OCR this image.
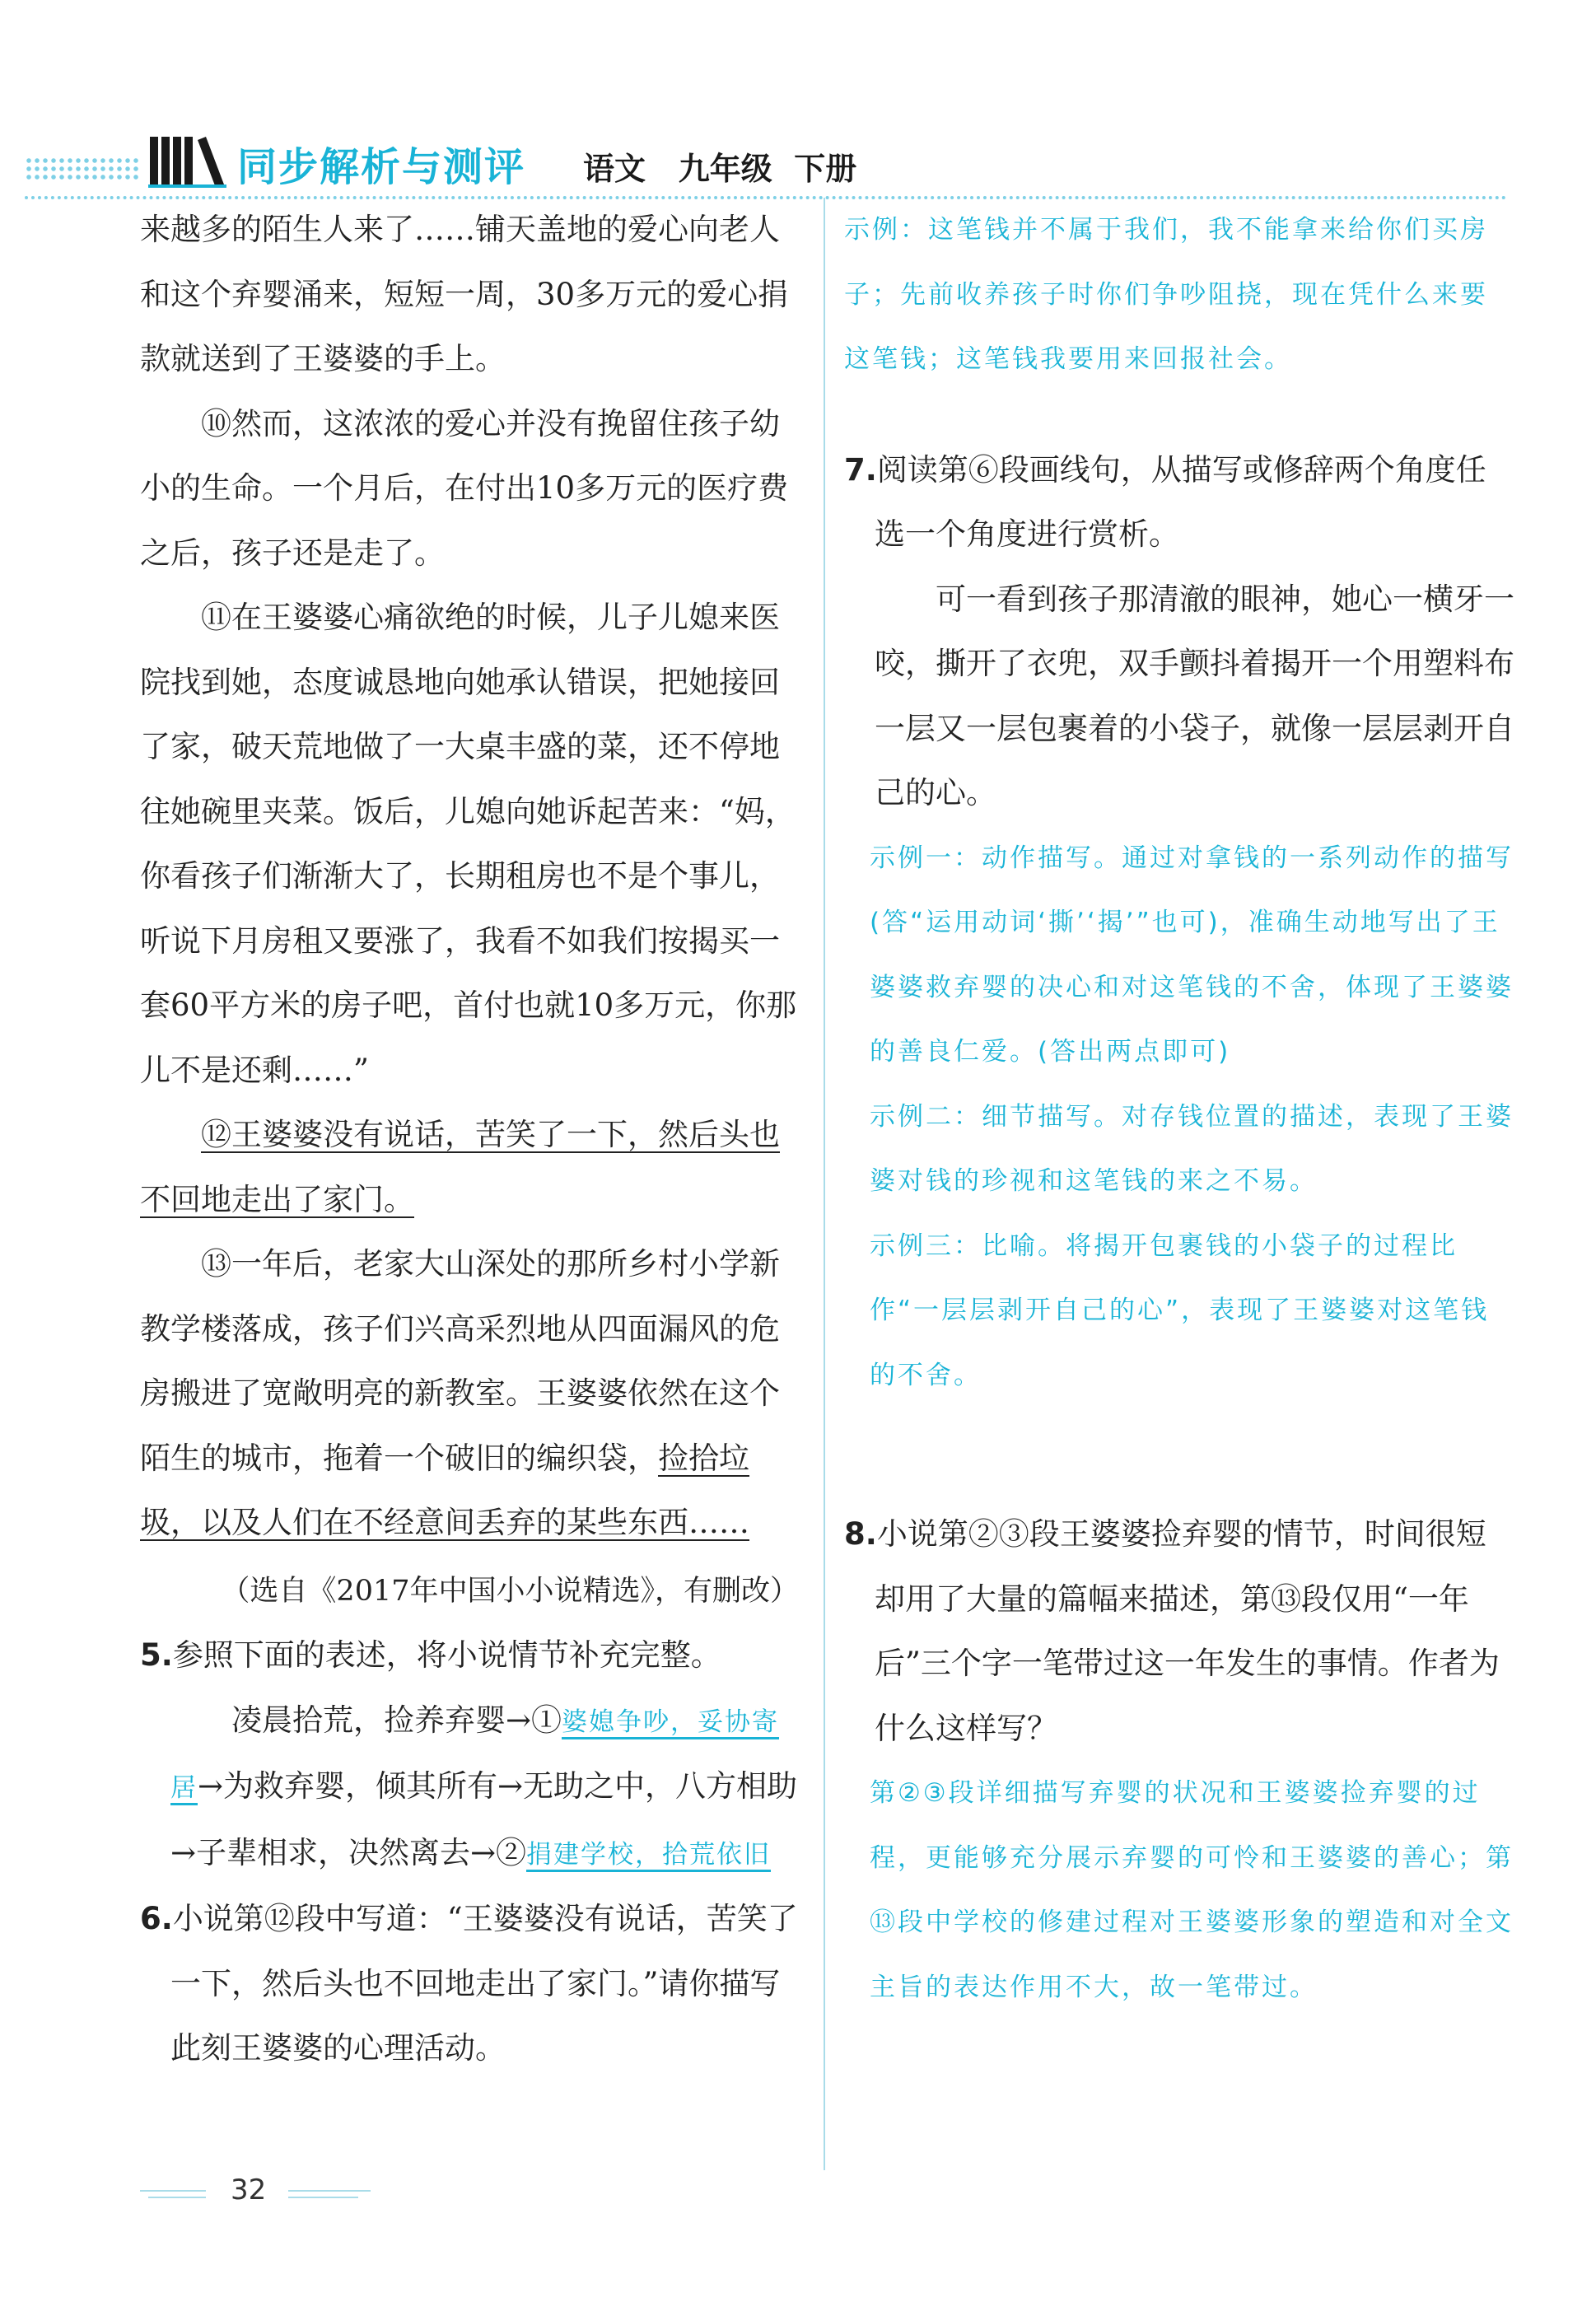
同步解析与测评 语文 九年级 下册

来越多的陌生人来了……铺天盖地的爱心向老人和这个弃婴涌来，短短一周，30多万元的爱心捐款就送到了王婆婆的手上。

⑩然而，这浓浓的爱心并没有挽留住孩子幼小的生命。一个月后，在付出10多万元的医疗费之后，孩子还是走了。

⑪在王婆婆心痛欲绝的时候，儿子儿媳来医院找到她，态度诚恳地向她承认错误，把她接回了家，破天荒地做了一大桌丰盛的菜，还不停地往她碗里夹菜。饭后，儿媳向她诉起苦来：“妈，你看孩子们渐渐大了，长期租房也不是个事儿，听说下月房租又要涨了，我看不如我们按揭买一套60平方米的房子吧，首付也就10多万元，你那儿不是还剩……”

⑫王婆婆没有说话，苦笑了一下，然后头也不回地走出了家门。

⑬一年后，老家大山深处的那所乡村小学新教学楼落成，孩子们兴高采烈地从四面漏风的危房搬进了宽敞明亮的新教室。王婆婆依然在这个陌生的城市，拖着一个破旧的编织袋，捡拾垃圾，以及人们在不经意间丢弃的某些东西……

（选自《2017年中国小小说精选》，有删改）

5.参照下面的表述，将小说情节补充完整。

凌晨拾荒，捡养弃婴→①婆媳争吵，妥协寄居→为救弃婴，倾其所有→无助之中，八方相助→子辈相求，决然离去→②捐建学校，拾荒依旧

6.小说第⑫段中写道：“王婆婆没有说话，苦笑了一下，然后头也不回地走出了家门。”请你描写此刻王婆婆的心理活动。

示例：这笔钱并不属于我们，我不能拿来给你们买房子；先前收养孩子时你们争吵阻挠，现在凭什么来要这笔钱；这笔钱我要用来回报社会。

7.阅读第⑥段画线句，从描写或修辞两个角度任选一个角度进行赏析。

可一看到孩子那清澈的眼神，她心一横牙一咬，撕开了衣兜，双手颤抖着揭开一个用塑料布一层又一层包裹着的小袋子，就像一层层剥开自己的心。

示例一：动作描写。通过对拿钱的一系列动作的描写(答“运用动词‘撕’‘揭’”也可)，准确生动地写出了王婆婆救弃婴的决心和对这笔钱的不舍，体现了王婆婆的善良仁爱。(答出两点即可)

示例二：细节描写。对存钱位置的描述，表现了王婆婆对钱的珍视和这笔钱的来之不易。

示例三：比喻。将揭开包裹钱的小袋子的过程比作“一层层剥开自己的心”，表现了王婆婆对这笔钱的不舍。

8.小说第②③段王婆婆捡弃婴的情节，时间很短却用了大量的篇幅来描述，第⑬段仅用“一年后”三个字一笔带过这一年发生的事情。作者为什么这样写？

第②③段详细描写弃婴的状况和王婆婆捡弃婴的过程，更能够充分展示弃婴的可怜和王婆婆的善心；第⑬段中学校的修建过程对王婆婆形象的塑造和对全文主旨的表达作用不大，故一笔带过。

32
